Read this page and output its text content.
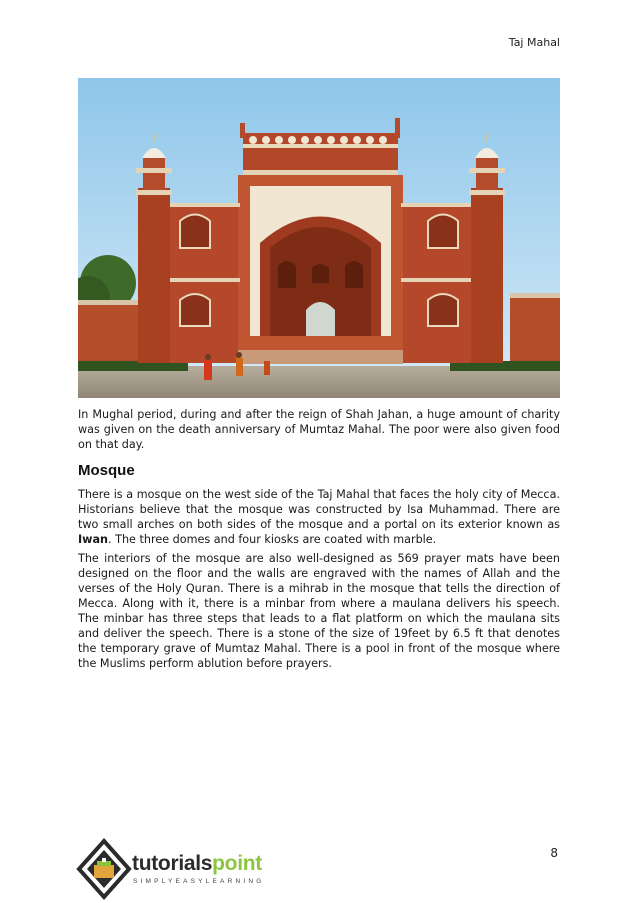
Taj Mahal

In Mughal period, during and after the reign of Shah Jahan, a huge amount of charity was given on the death anniversary of Mumtaz Mahal. The poor were also given food on that day.

Mosque

There is a mosque on the west side of the Taj Mahal that faces the holy city of Mecca. Historians believe that the mosque was constructed by Isa Muhammad. There are two small arches on both sides of the mosque and a portal on its exterior known as Iwan. The three domes and four kiosks are coated with marble.

The interiors of the mosque are also well-designed as 569 prayer mats have been designed on the floor and the walls are engraved with the names of Allah and the verses of the Holy Quran. There is a mihrab in the mosque that tells the direction of Mecca. Along with it, there is a minbar from where a maulana delivers his speech. The minbar has three steps that leads to a flat platform on which the maulana sits and deliver the speech. There is a stone of the size of 19feet by 6.5 ft that denotes the temporary grave of Mumtaz Mahal. There is a pool in front of the mosque where the Muslims perform ablution before prayers.

8
tutorialspoint
SIMPLYEASYLEARNING
